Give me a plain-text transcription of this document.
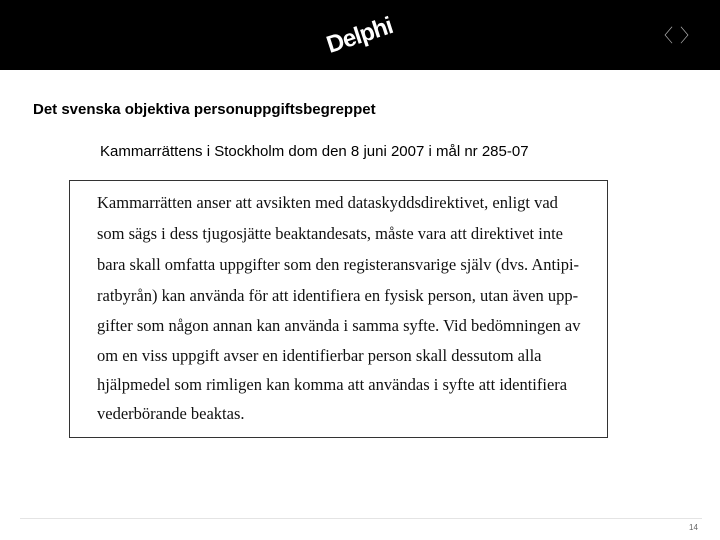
Delphi	〈 〉
Det svenska objektiva personuppgiftsbegreppet
Kammarrättens i Stockholm dom den 8 juni 2007 i mål nr 285-07
Kammarrätten anser att avsikten med dataskyddsdirektivet, enligt vad
som sägs i dess tjugosjätte beaktandesats, måste vara att direktivet inte
bara skall omfatta uppgifter som den registeransvarige själv (dvs. Antipi-
ratbyrån) kan använda för att identifiera en fysisk person, utan även upp-
gifter som någon annan kan använda i samma syfte. Vid bedömningen av
om en viss uppgift avser en identifierbar person skall dessutom alla
hjälpmedel som rimligen kan komma att användas i syfte att identifiera
vederbörande beaktas.
14
